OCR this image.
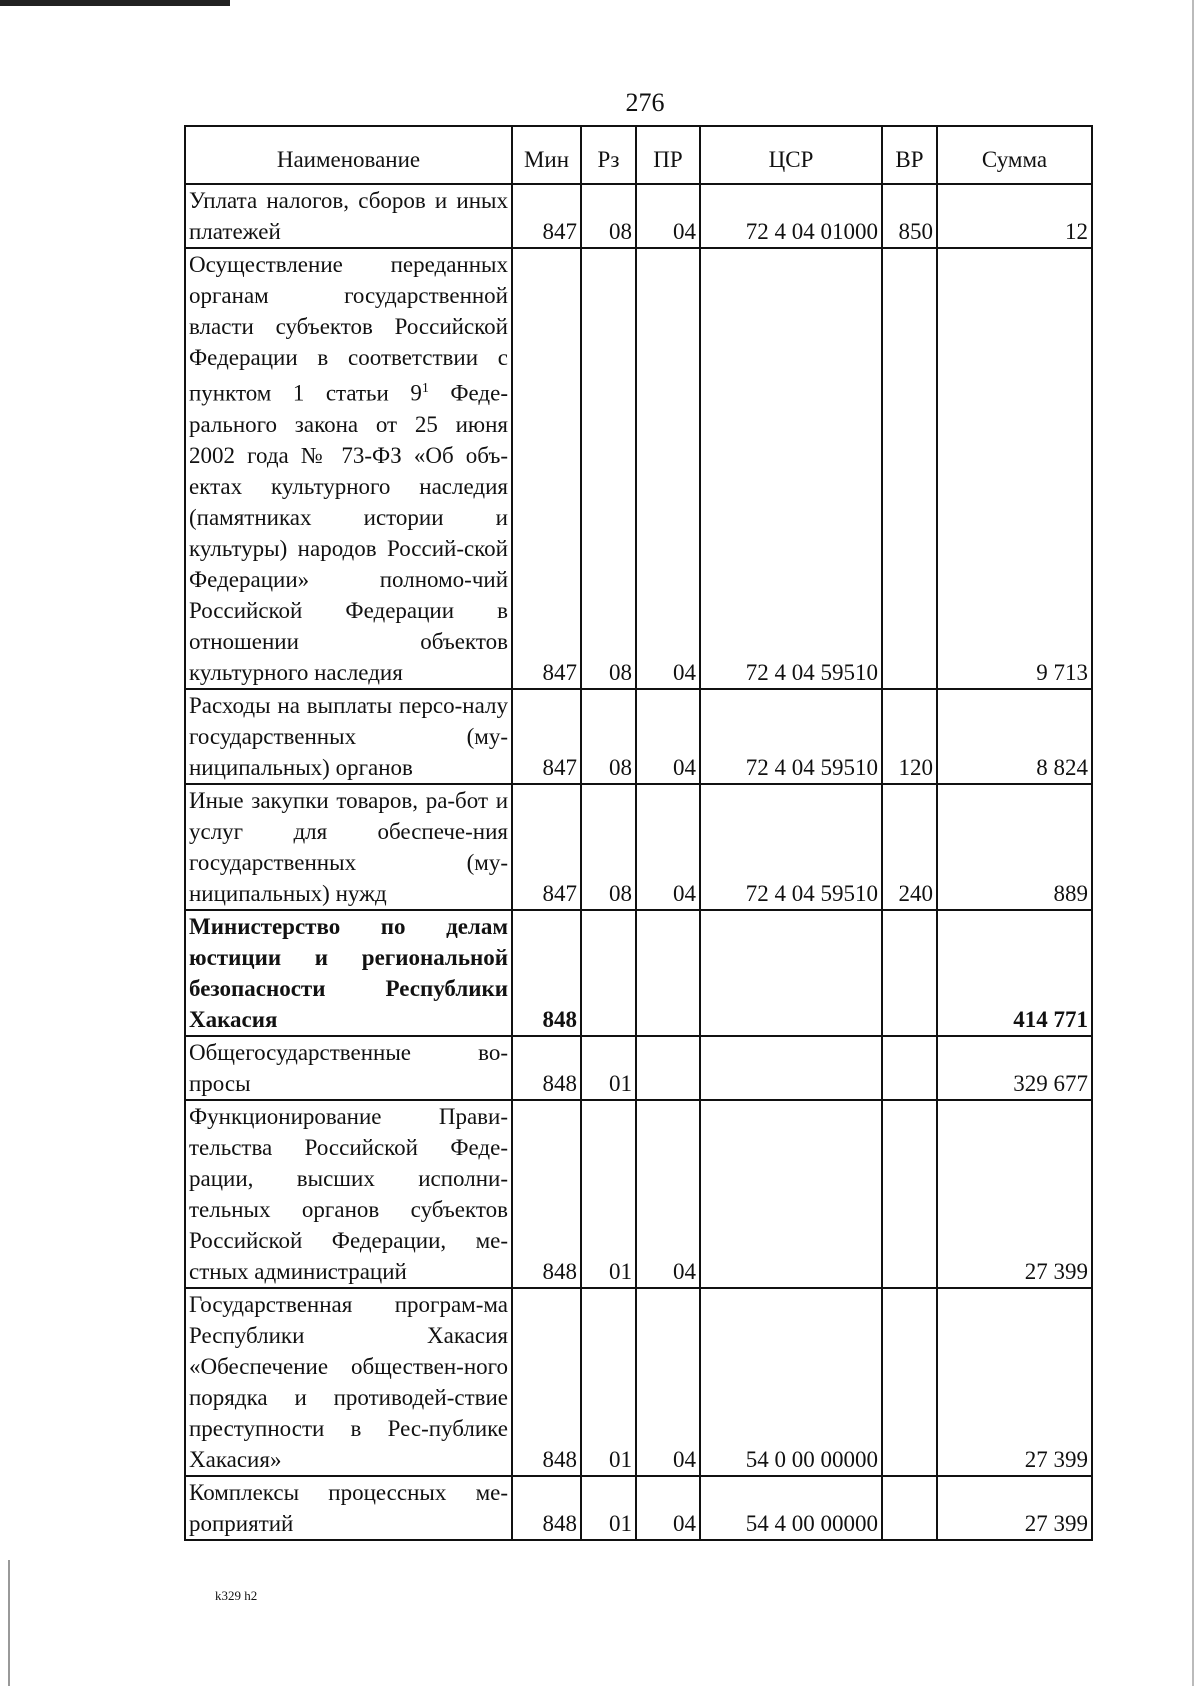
276
Наименование	Мин	Рз	ПР	ЦСР	ВР	Сумма
Уплата налогов, сборов и иных платежей	847	08	04	72 4 04 01000	850	12
Осуществление переданных органам государственной власти субъектов Российской Федерации в соответствии с пунктом 1 статьи $9^1$ Феде-рального закона от 25 июня 2002 года № 73-ФЗ «Об объ-ектах культурного наследия (памятниках истории и культуры) народов Россий-ской Федерации» полномо-чий Российской Федерации в отношении объектов культурного наследия	847	08	04	72 4 04 59510		9 713
Расходы на выплаты персо-налу государственных (му-ниципальных) органов	847	08	04	72 4 04 59510	120	8 824
Иные закупки товаров, ра-бот и услуг для обеспече-ния государственных (му-ниципальных) нужд	847	08	04	72 4 04 59510	240	889
Министерство по делам юстиции и региональной безопасности Республики Хакасия	848					414 771
Общегосударственные во-просы	848	01				329 677
Функционирование Прави-тельства Российской Феде-рации, высших исполни-тельных органов субъектов Российской Федерации, ме-стных администраций	848	01	04			27 399
Государственная програм-ма Республики Хакасия «Обеспечение обществен-ного порядка и противодей-ствие преступности в Рес-публике Хакасия»	848	01	04	54 0 00 00000		27 399
Комплексы процессных ме-роприятий	848	01	04	54 4 00 00000		27 399
k329 h2
